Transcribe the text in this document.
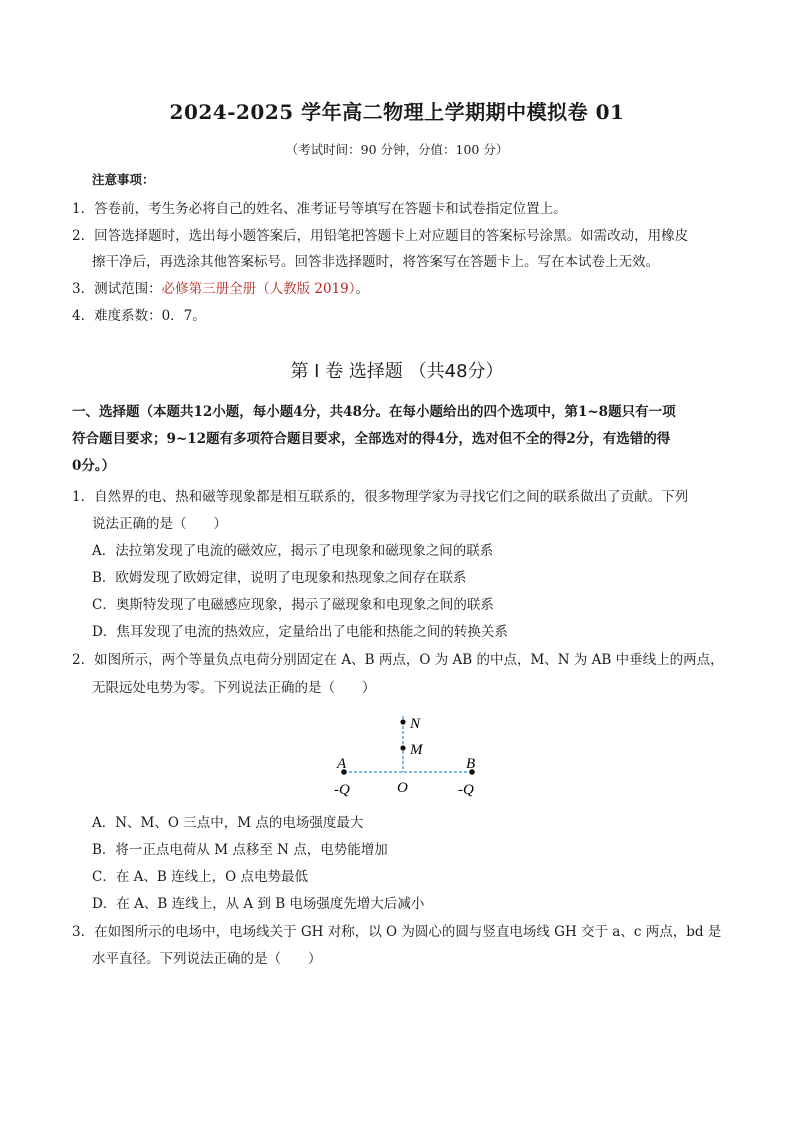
2024-2025 学年高二物理上学期期中模拟卷 01
（考试时间：90 分钟，分值：100 分）
注意事项：
1．答卷前，考生务必将自己的姓名、准考证号等填写在答题卡和试卷指定位置上。
2．回答选择题时，选出每小题答案后，用铅笔把答题卡上对应题目的答案标号涂黑。如需改动，用橡皮
擦干净后，再选涂其他答案标号。回答非选择题时，将答案写在答题卡上。写在本试卷上无效。
3．测试范围：必修第三册全册（人教版 2019）。
4．难度系数：0．7。
第 I 卷 选择题 （共48分）
一、选择题（本题共12小题，每小题4分，共48分。在每小题给出的四个选项中，第1~8题只有一项
符合题目要求；9~12题有多项符合题目要求，全部选对的得4分，选对但不全的得2分，有选错的得
0分。）
1．自然界的电、热和磁等现象都是相互联系的，很多物理学家为寻找它们之间的联系做出了贡献。下列
说法正确的是（　　）
A．法拉第发现了电流的磁效应，揭示了电现象和磁现象之间的联系
B．欧姆发现了欧姆定律，说明了电现象和热现象之间存在联系
C．奥斯特发现了电磁感应现象，揭示了磁现象和电现象之间的联系
D．焦耳发现了电流的热效应，定量给出了电能和热能之间的转换关系
2．如图所示，两个等量负点电荷分别固定在 A、B 两点，O 为 AB 的中点，M、N 为 AB 中垂线上的两点，
无限远处电势为零。下列说法正确的是（　　）
N
M
A	B
O
-Q	-Q
A．N、M、O 三点中，M 点的电场强度最大
B．将一正点电荷从 M 点移至 N 点，电势能增加
C．在 A、B 连线上，O 点电势最低
D．在 A、B 连线上，从 A 到 B 电场强度先增大后减小
3．在如图所示的电场中，电场线关于 GH 对称，以 O 为圆心的圆与竖直电场线 GH 交于 a、c 两点，bd 是
水平直径。下列说法正确的是（　　）
